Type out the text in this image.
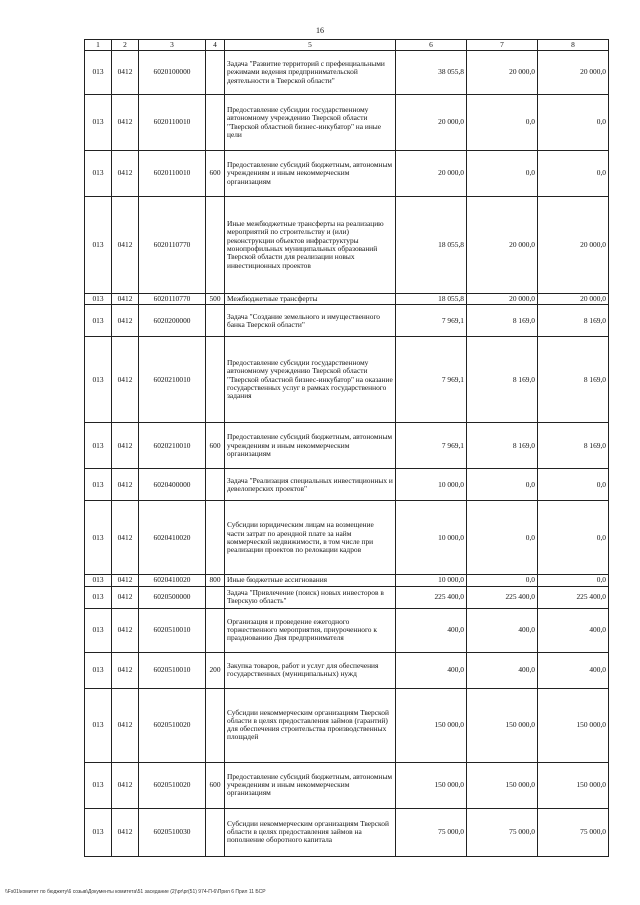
16
1	2	3	4	5	6	7	8
013	0412	6020100000		Задача "Развитие территорий с префенциальными режимами ведения предпринимательской деятельности в Тверской области"	38 055,8	20 000,0	20 000,0
013	0412	6020110010		Предоставление субсидии государственному автономному учреждению Тверской области "Тверской областной бизнес-инкубатор" на иные цели	20 000,0	0,0	0,0
013	0412	6020110010	600	Предоставление субсидий бюджетным, автономным учреждениям и иным некоммерческим организациям	20 000,0	0,0	0,0
013	0412	6020110770		Иные межбюджетные трансферты на реализацию мероприятий по строительству и (или) реконструкции объектов инфраструктуры монопрофильных муниципальных образований Тверской области для реализации новых инвестиционных проектов	18 055,8	20 000,0	20 000,0
013	0412	6020110770	500	Межбюджетные трансферты	18 055,8	20 000,0	20 000,0
013	0412	6020200000		Задача "Создание земельного и имущественного банка Тверской области"	7 969,1	8 169,0	8 169,0
013	0412	6020210010		Предоставление субсидии государственному автономному учреждению Тверской области "Тверской областной бизнес-инкубатор" на оказание государственных услуг в рамках государственного задания	7 969,1	8 169,0	8 169,0
013	0412	6020210010	600	Предоставление субсидий бюджетным, автономным учреждениям и иным некоммерческим организациям	7 969,1	8 169,0	8 169,0
013	0412	6020400000		Задача "Реализация специальных инвестиционных и девелоперских проектов"	10 000,0	0,0	0,0
013	0412	6020410020		Субсидии юридическим лицам на возмещение части затрат по арендной плате за найм коммерческой недвижимости, в том числе при реализации проектов по релокации кадров	10 000,0	0,0	0,0
013	0412	6020410020	800	Иные бюджетные ассигнования	10 000,0	0,0	0,0
013	0412	6020500000		Задача "Привлечение (поиск) новых инвесторов в Тверскую область"	225 400,0	225 400,0	225 400,0
013	0412	6020510010		Организация и проведение ежегодного торжественного мероприятия, приуроченного к празднованию Дня предпринимателя	400,0	400,0	400,0
013	0412	6020510010	200	Закупка товаров, работ и услуг для обеспечения государственных (муниципальных) нужд	400,0	400,0	400,0
013	0412	6020510020		Субсидии некоммерческим организациям Тверской области в целях предоставления займов (гарантий) для обеспечения строительства производственных площадей	150 000,0	150 000,0	150 000,0
013	0412	6020510020	600	Предоставление субсидий бюджетным, автономным учреждениям и иным некоммерческим организациям	150 000,0	150 000,0	150 000,0
013	0412	6020510030		Субсидии некоммерческим организациям Тверской области в целях предоставления займов на пополнение оборотного капитала	75 000,0	75 000,0	75 000,0
\\Fs01\комитет по бюджету\6 созыв\Документы комитета\51 заседание (2)\pr\pr(51) 974-П-6\Прил 6 Прил 11 БСР
